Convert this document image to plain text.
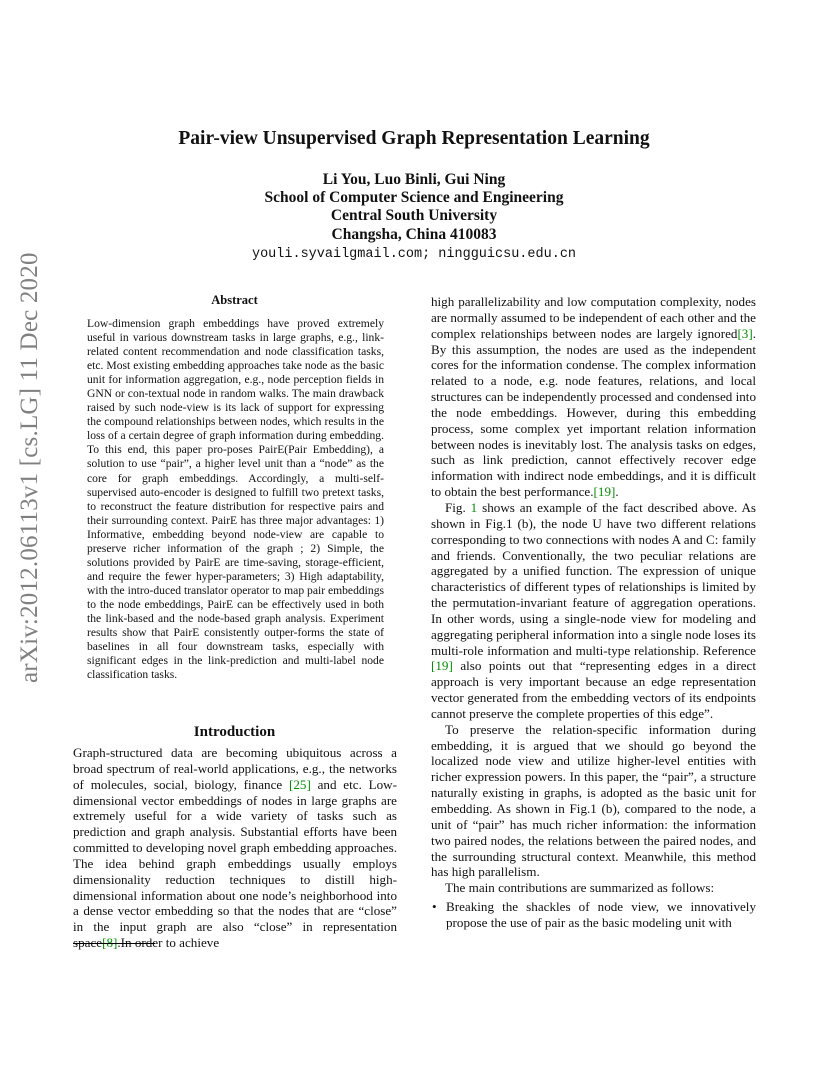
arXiv:2012.06113v1 [cs.LG] 11 Dec 2020
Pair-view Unsupervised Graph Representation Learning
Li You, Luo Binli, Gui Ning
School of Computer Science and Engineering
Central South University
Changsha, China 410083
youli.syvailgmail.com; ningguicsu.edu.cn
Abstract
Low-dimension graph embeddings have proved extremely useful in various downstream tasks in large graphs, e.g., link-related content recommendation and node classification tasks, etc. Most existing embedding approaches take node as the basic unit for information aggregation, e.g., node perception fields in GNN or con-textual node in random walks. The main drawback raised by such node-view is its lack of support for expressing the compound relationships between nodes, which results in the loss of a certain degree of graph information during embedding. To this end, this paper pro-poses PairE(Pair Embedding), a solution to use “pair”, a higher level unit than a “node” as the core for graph embeddings. Accordingly, a multi-self-supervised auto-encoder is designed to fulfill two pretext tasks, to reconstruct the feature distribution for respective pairs and their surrounding context. PairE has three major advantages: 1) Informative, embedding beyond node-view are capable to preserve richer information of the graph ; 2) Simple, the solutions provided by PairE are time-saving, storage-efficient, and require the fewer hyper-parameters; 3) High adaptability, with the intro-duced translator operator to map pair embeddings to the node embeddings, PairE can be effectively used in both the link-based and the node-based graph analysis. Experiment results show that PairE consistently outper-forms the state of baselines in all four downstream tasks, especially with significant edges in the link-prediction and multi-label node classification tasks.
Introduction

Graph-structured data are becoming ubiquitous across a broad spectrum of real-world applications, e.g., the networks of molecules, social, biology, finance [25] and etc. Low-dimensional vector embeddings of nodes in large graphs are extremely useful for a wide variety of tasks such as prediction and graph analysis. Substantial efforts have been committed to developing novel graph embedding approaches. The idea behind graph embeddings usually employs dimensionality reduction techniques to distill high-dimensional information about one node’s neighborhood into a dense vector embedding so that the nodes that are “close” in the input graph are also “close” in representation space[8].In order to achieve

high parallelizability and low computation complexity, nodes are normally assumed to be independent of each other and the complex relationships between nodes are largely ignored[3]. By this assumption, the nodes are used as the independent cores for the information condense. The complex information related to a node, e.g. node features, relations, and local structures can be independently processed and condensed into the node embeddings. However, during this embedding process, some complex yet important relation information between nodes is inevitably lost. The analysis tasks on edges, such as link prediction, cannot effectively recover edge information with indirect node embeddings, and it is difficult to obtain the best performance.[19].

Fig. 1 shows an example of the fact described above. As shown in Fig.1 (b), the node U have two different relations corresponding to two connections with nodes A and C: family and friends. Conventionally, the two peculiar relations are aggregated by a unified function. The expression of unique characteristics of different types of relationships is limited by the permutation-invariant feature of aggregation operations. In other words, using a single-node view for modeling and aggregating peripheral information into a single node loses its multi-role information and multi-type relationship. Reference [19] also points out that “representing edges in a direct approach is very important because an edge representation vector generated from the embedding vectors of its endpoints cannot preserve the complete properties of this edge”.

To preserve the relation-specific information during embedding, it is argued that we should go beyond the localized node view and utilize higher-level entities with richer expression powers. In this paper, the “pair”, a structure naturally existing in graphs, is adopted as the basic unit for embedding. As shown in Fig.1 (b), compared to the node, a unit of “pair” has much richer information: the information two paired nodes, the relations between the paired nodes, and the surrounding structural context. Meanwhile, this method has high parallelism.

The main contributions are summarized as follows:

• Breaking the shackles of node view, we innovatively propose the use of pair as the basic modeling unit with
